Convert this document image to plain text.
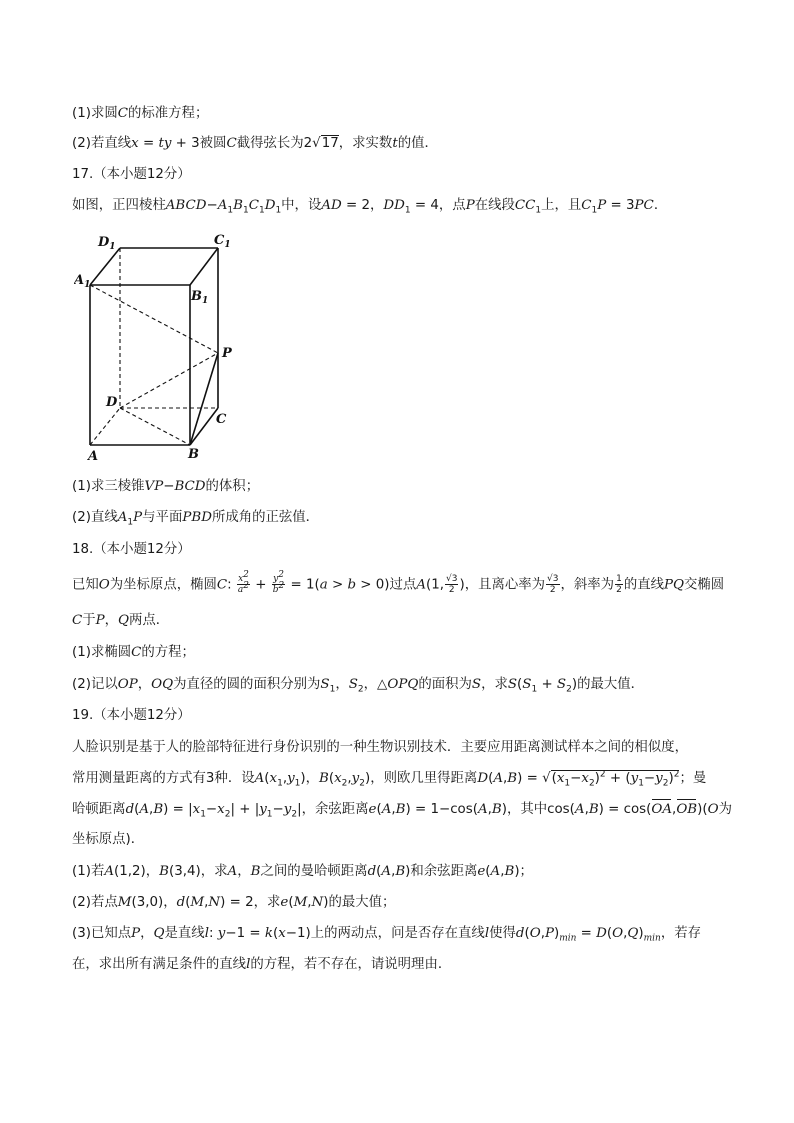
(1)求圆C的标准方程；
(2)若直线x = ty + 3被圆C截得弦长为2√17，求实数t的值．
17.（本小题12分）
如图，正四棱柱$ABCD-A_1B_1C_1D_1$中，设AD = 2，$DD_1 = 4$，点P在线段$CC_1$上，且$C_1P = 3PC$．
$D_1$	$C_1$
$A_1$
$B_1$
P
D
C
A	B
(1)求三棱锥VP−BCD的体积；
(2)直线$A_1P$与平面PBD所成角的正弦值．
18.（本小题12分）
已知O为坐标原点，椭圆C: $\frac{x^2}{a^2} + \frac{y^2}{b^2} = 1(a > b > 0)$过点A(1, $\frac{√3}{2}$ )，且离心率为 $\frac{√3}{2}$ ，斜率为 $\frac{1}{2}$ 的直线PQ交椭圆
C于P，Q两点．
(1)求椭圆C的方程；
(2)记以OP，OQ为直径的圆的面积分别为$S_1$，$S_2$，△OPQ的面积为S，求$S(S_1 + S_2)$的最大值．
19.（本小题12分）
人脸识别是基于人的脸部特征进行身份识别的一种生物识别技术．主要应用距离测试样本之间的相似度，
常用测量距离的方式有3种．设$A(x_1,y_1)$，$B(x_2,y_2)$，则欧几里得距离$D(A,B) = √(x_1-x_2)^2 + (y_1-y_2)^2$；曼
哈顿距离$d(A,B) = |x_1-x_2| + |y_1-y_2|$，余弦距离e(A,B) = 1−cos(A,B)，其中cos(A,B) = cos(OA,OB)(O为
坐标原点)．
(1)若A(1,2)，B(3,4)，求A，B之间的曼哈顿距离d(A,B)和余弦距离e(A,B)；
(2)若点M(3,0)，d(M,N) = 2，求e(M,N)的最大值；
(3)已知点P，Q是直线l: y−1 = k(x−1)上的两动点，问是否存在直线l使得$d(O,P)_{min} = D(O,Q)_{min}$，若存
在，求出所有满足条件的直线l的方程，若不存在，请说明理由．
